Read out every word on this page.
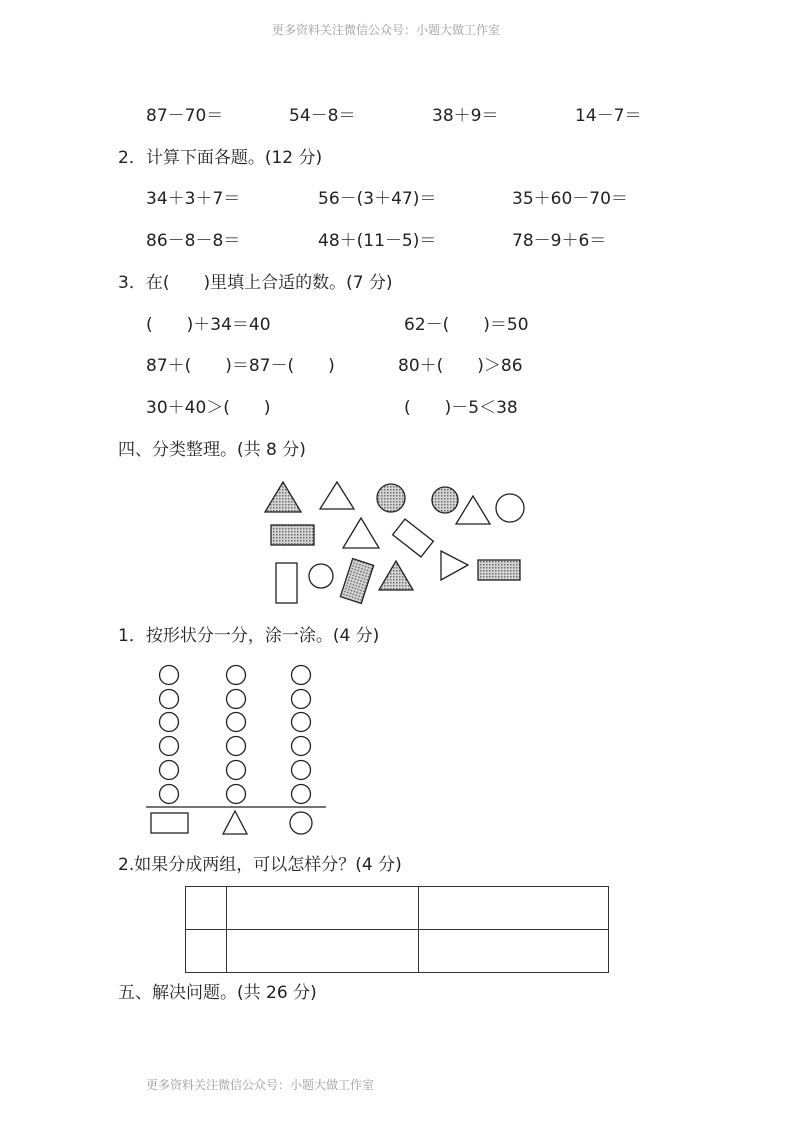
更多资料关注微信公众号：小题大做工作室
87－70＝	54－8＝	38＋9＝	14－7＝
2．计算下面各题。(12 分)
34＋3＋7＝	56－(3＋47)＝	35＋60－70＝
86－8－8＝	48＋(11－5)＝	78－9＋6＝
3．在(　　)里填上合适的数。(7 分)
(　　)＋34＝40	62－(　　)＝50
87＋(　　)＝87－(　　)	80＋(　　)＞86
30＋40＞(　　)	(　　)－5＜38
四、分类整理。(共 8 分)
1．按形状分一分，涂一涂。(4 分)
2.如果分成两组，可以怎样分？(4 分)

五、解决问题。(共 26 分)
更多资料关注微信公众号：小题大做工作室
